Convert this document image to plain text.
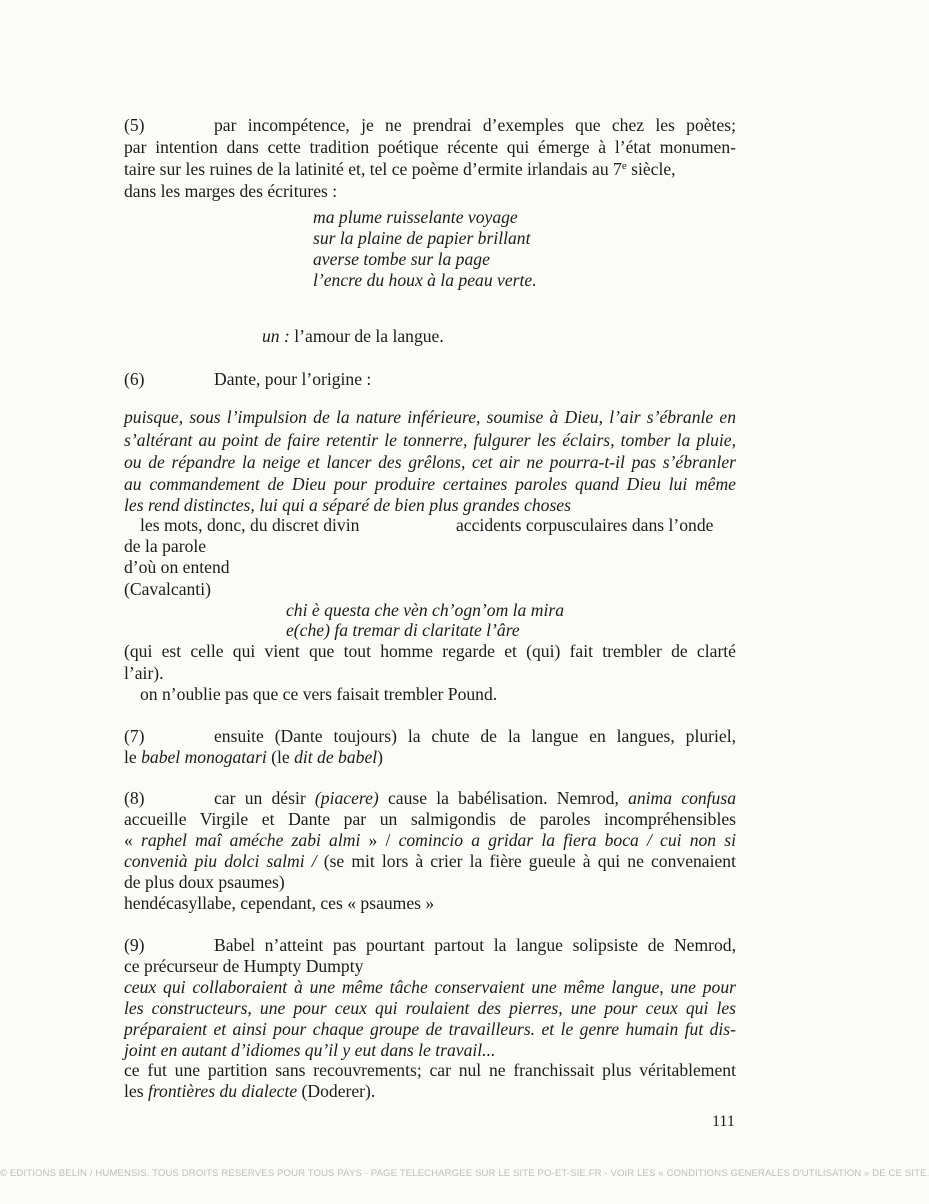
(5)	par incompétence, je ne prendrai d’exemples que chez les poètes;
par intention dans cette tradition poétique récente qui émerge à l’état monumen-
taire sur les ruines de la latinité et, tel ce poème d’ermite irlandais au 7e siècle,
dans les marges des écritures :
ma plume ruisselante voyage
sur la plaine de papier brillant
averse tombe sur la page
l’encre du houx à la peau verte.
un : l’amour de la langue.
(6)	Dante, pour l’origine :
puisque, sous l’impulsion de la nature inférieure, soumise à Dieu, l’air s’ébranle en
s’altérant au point de faire retentir le tonnerre, fulgurer les éclairs, tomber la pluie,
ou de répandre la neige et lancer des grêlons, cet air ne pourra-t-il pas s’ébranler
au commandement de Dieu pour produire certaines paroles quand Dieu lui même
les rend distinctes, lui qui a séparé de bien plus grandes choses
les mots, donc, du discret divin	accidents corpusculaires dans l’onde
de la parole
d’où on entend
(Cavalcanti)
chi è questa che vèn ch’ogn’om la mira
e(che) fa tremar di claritate l’âre
(qui est celle qui vient que tout homme regarde et (qui) fait trembler de clarté
l’air).
on n’oublie pas que ce vers faisait trembler Pound.
(7)	ensuite (Dante toujours) la chute de la langue en langues, pluriel,
le babel monogatari (le dit de babel)
(8)	car un désir (piacere) cause la babélisation. Nemrod, anima confusa
accueille Virgile et Dante par un salmigondis de paroles incompréhensibles
« raphel maî améche zabi almi » / comincio a gridar la fiera boca / cui non si
convenià piu dolci salmi / (se mit lors à crier la fière gueule à qui ne convenaient
de plus doux psaumes)
hendécasyllabe, cependant, ces « psaumes »
(9)	Babel n’atteint pas pourtant partout la langue solipsiste de Nemrod,
ce précurseur de Humpty Dumpty
ceux qui collaboraient à une même tâche conservaient une même langue, une pour
les constructeurs, une pour ceux qui roulaient des pierres, une pour ceux qui les
préparaient et ainsi pour chaque groupe de travailleurs. et le genre humain fut dis-
joint en autant d’idiomes qu’il y eut dans le travail...
ce fut une partition sans recouvrements; car nul ne franchissait plus véritablement
les frontières du dialecte (Doderer).
111
© EDITIONS BELIN / HUMENSIS. TOUS DROITS RESERVES POUR TOUS PAYS - PAGE TELECHARGEE SUR LE SITE PO-ET-SIE.FR - VOIR LES « CONDITIONS GENERALES D'UTILISATION » DE CE SITE.
